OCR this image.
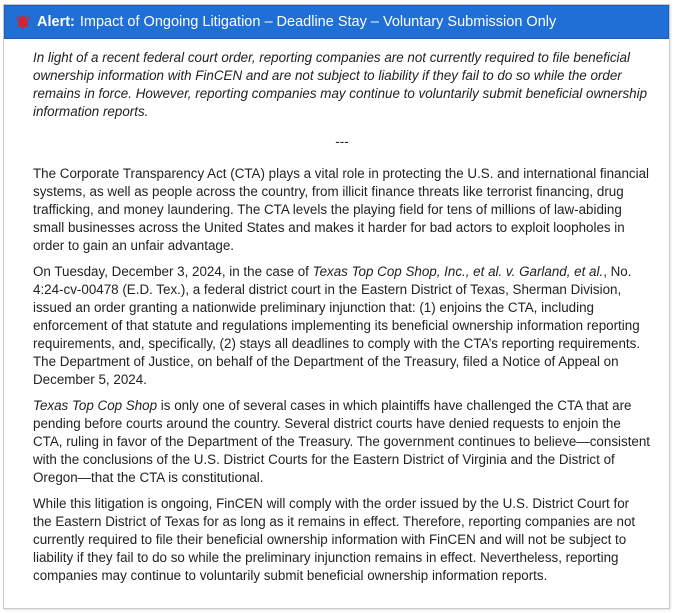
Alert: Impact of Ongoing Litigation – Deadline Stay – Voluntary Submission Only

In light of a recent federal court order, reporting companies are not currently required to file beneficial ownership information with FinCEN and are not subject to liability if they fail to do so while the order remains in force. However, reporting companies may continue to voluntarily submit beneficial ownership information reports.

---

The Corporate Transparency Act (CTA) plays a vital role in protecting the U.S. and international financial systems, as well as people across the country, from illicit finance threats like terrorist financing, drug trafficking, and money laundering. The CTA levels the playing field for tens of millions of law-abiding small businesses across the United States and makes it harder for bad actors to exploit loopholes in order to gain an unfair advantage.

On Tuesday, December 3, 2024, in the case of Texas Top Cop Shop, Inc., et al. v. Garland, et al., No. 4:24-cv-00478 (E.D. Tex.), a federal district court in the Eastern District of Texas, Sherman Division, issued an order granting a nationwide preliminary injunction that: (1) enjoins the CTA, including enforcement of that statute and regulations implementing its beneficial ownership information reporting requirements, and, specifically, (2) stays all deadlines to comply with the CTA’s reporting requirements. The Department of Justice, on behalf of the Department of the Treasury, filed a Notice of Appeal on December 5, 2024.

Texas Top Cop Shop is only one of several cases in which plaintiffs have challenged the CTA that are pending before courts around the country. Several district courts have denied requests to enjoin the CTA, ruling in favor of the Department of the Treasury. The government continues to believe—consistent with the conclusions of the U.S. District Courts for the Eastern District of Virginia and the District of Oregon—that the CTA is constitutional.

While this litigation is ongoing, FinCEN will comply with the order issued by the U.S. District Court for the Eastern District of Texas for as long as it remains in effect. Therefore, reporting companies are not currently required to file their beneficial ownership information with FinCEN and will not be subject to liability if they fail to do so while the preliminary injunction remains in effect. Nevertheless, reporting companies may continue to voluntarily submit beneficial ownership information reports.
